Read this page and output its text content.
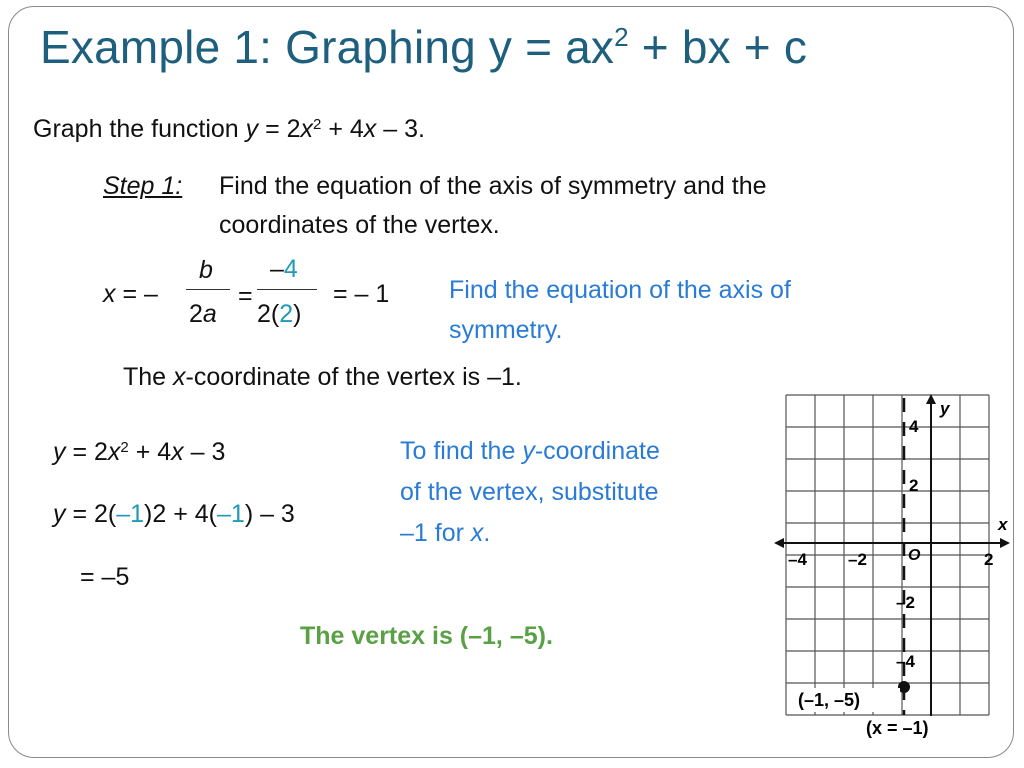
Example 1: Graphing $y = ax^2$ + bx + c
Graph the function $y = 2x^2 + 4x - 3$.
Step 1: Find the equation of the axis of symmetry and the
coordinates of the vertex.
x = –
b
2a
=
–4
2(2)
= – 1 Find the equation of the axis of
symmetry.
The x-coordinate of the vertex is –1.
$y = 2x^2 + 4x - 3$
y = 2(–1)2 + 4(–1) – 3
= –5
To find the y-coordinate
of the vertex, substitute
–1 for x.
The vertex is (–1, –5).
y
x
O
–4 –2	2
4
2
–2
–4
(–1, –5)
(x = –1)
